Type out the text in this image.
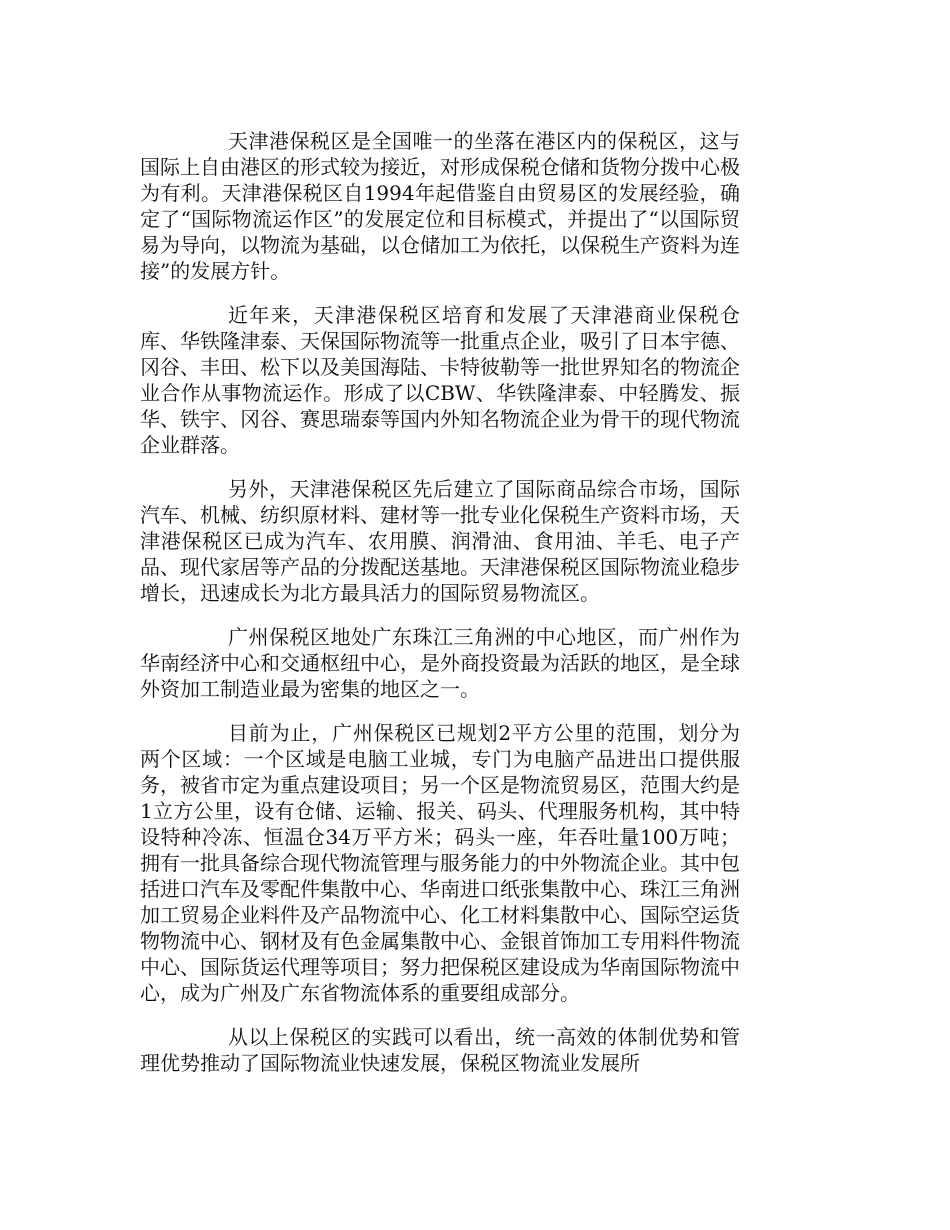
天津港保税区是全国唯一的坐落在港区内的保税区，这与国际上自由港区的形式较为接近，对形成保税仓储和货物分拨中心极为有利。天津港保税区自1994年起借鉴自由贸易区的发展经验，确定了“国际物流运作区”的发展定位和目标模式，并提出了“以国际贸易为导向，以物流为基础，以仓储加工为依托，以保税生产资料为连接”的发展方针。

近年来，天津港保税区培育和发展了天津港商业保税仓库、华铁隆津泰、天保国际物流等一批重点企业，吸引了日本宇德、冈谷、丰田、松下以及美国海陆、卡特彼勒等一批世界知名的物流企业合作从事物流运作。形成了以CBW、华铁隆津泰、中轻腾发、振华、铁宇、冈谷、赛思瑞泰等国内外知名物流企业为骨干的现代物流企业群落。

另外，天津港保税区先后建立了国际商品综合市场，国际汽车、机械、纺织原材料、建材等一批专业化保税生产资料市场，天津港保税区已成为汽车、农用膜、润滑油、食用油、羊毛、电子产品、现代家居等产品的分拨配送基地。天津港保税区国际物流业稳步增长，迅速成长为北方最具活力的国际贸易物流区。

广州保税区地处广东珠江三角洲的中心地区，而广州作为华南经济中心和交通枢纽中心，是外商投资最为活跃的地区，是全球外资加工制造业最为密集的地区之一。

目前为止，广州保税区已规划2平方公里的范围，划分为两个区域：一个区域是电脑工业城，专门为电脑产品进出口提供服务，被省市定为重点建设项目；另一个区是物流贸易区，范围大约是1立方公里，设有仓储、运输、报关、码头、代理服务机构，其中特设特种冷冻、恒温仓34万平方米；码头一座，年吞吐量100万吨；拥有一批具备综合现代物流管理与服务能力的中外物流企业。其中包括进口汽车及零配件集散中心、华南进口纸张集散中心、珠江三角洲加工贸易企业料件及产品物流中心、化工材料集散中心、国际空运货物物流中心、钢材及有色金属集散中心、金银首饰加工专用料件物流中心、国际货运代理等项目；努力把保税区建设成为华南国际物流中心，成为广州及广东省物流体系的重要组成部分。

从以上保税区的实践可以看出，统一高效的体制优势和管理优势推动了国际物流业快速发展，保税区物流业发展所
